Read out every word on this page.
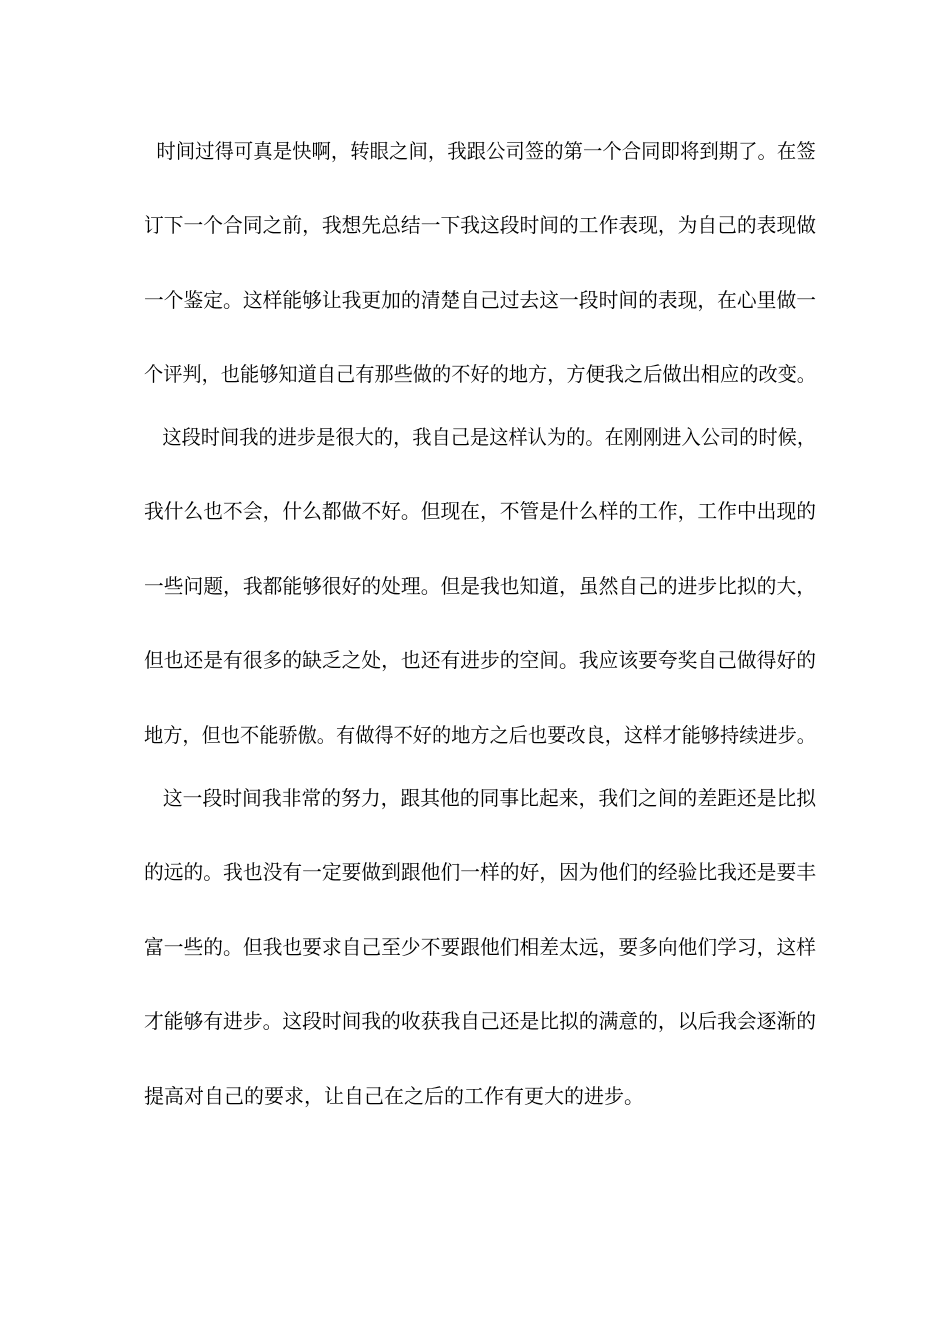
时间过得可真是快啊，转眼之间，我跟公司签的第一个合同即将到期了。在签
订下一个合同之前，我想先总结一下我这段时间的工作表现，为自己的表现做
一个鉴定。这样能够让我更加的清楚自己过去这一段时间的表现，在心里做一
个评判，也能够知道自己有那些做的不好的地方，方便我之后做出相应的改变。
这段时间我的进步是很大的，我自己是这样认为的。在刚刚进入公司的时候，
我什么也不会，什么都做不好。但现在，不管是什么样的工作，工作中出现的
一些问题，我都能够很好的处理。但是我也知道，虽然自己的进步比拟的大，
但也还是有很多的缺乏之处，也还有进步的空间。我应该要夸奖自己做得好的
地方，但也不能骄傲。有做得不好的地方之后也要改良，这样才能够持续进步。
这一段时间我非常的努力，跟其他的同事比起来，我们之间的差距还是比拟
的远的。我也没有一定要做到跟他们一样的好，因为他们的经验比我还是要丰
富一些的。但我也要求自己至少不要跟他们相差太远，要多向他们学习，这样
才能够有进步。这段时间我的收获我自己还是比拟的满意的，以后我会逐渐的
提高对自己的要求，让自己在之后的工作有更大的进步。
